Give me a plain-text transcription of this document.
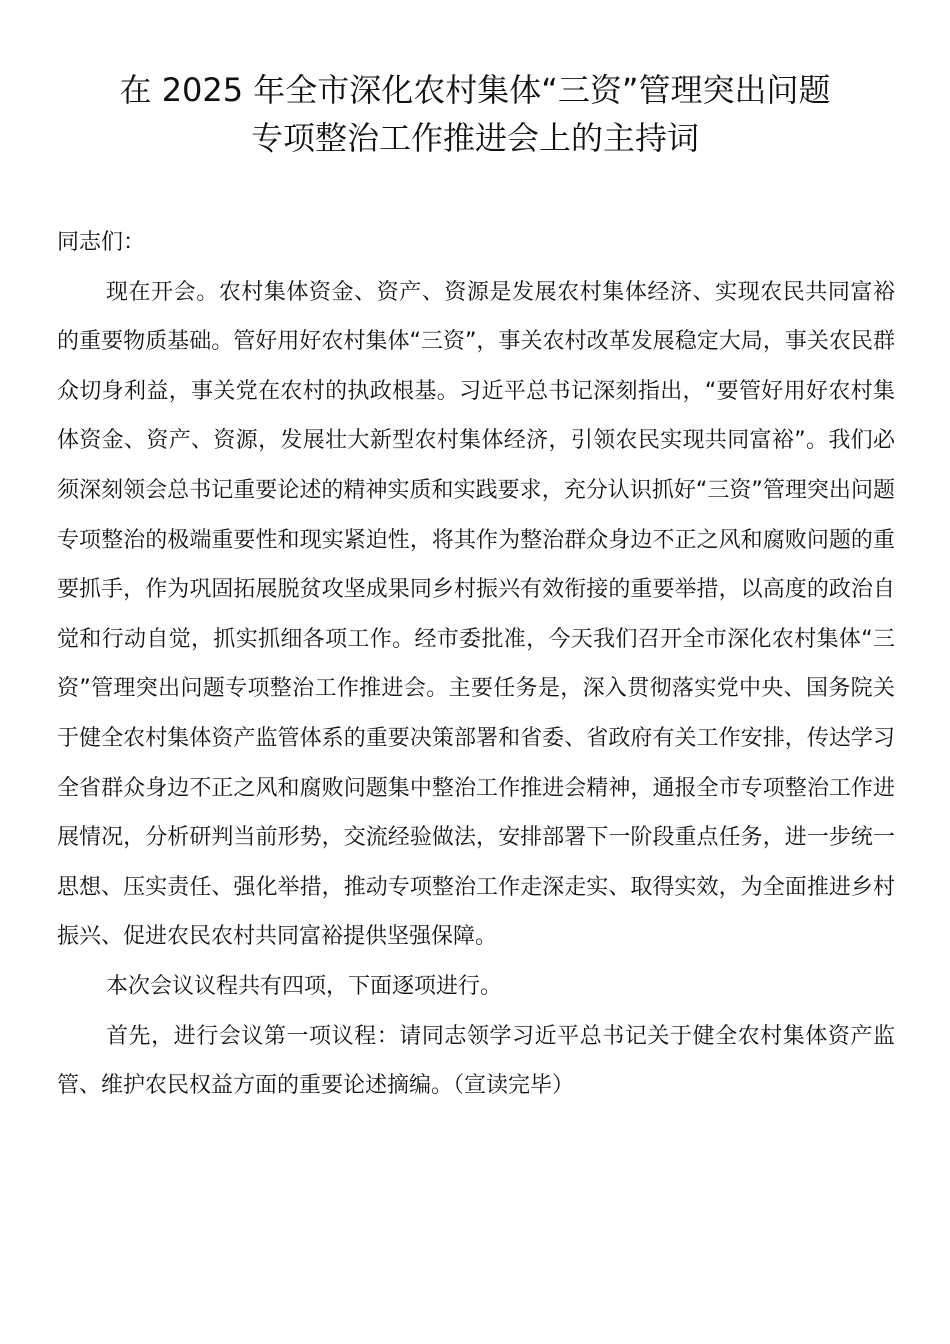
在 2025 年全市深化农村集体“三资”管理突出问题
专项整治工作推进会上的主持词

同志们：

现在开会。农村集体资金、资产、资源是发展农村集体经济、实现农民共同富裕的重要物质基础。管好用好农村集体“三资”，事关农村改革发展稳定大局，事关农民群众切身利益，事关党在农村的执政根基。习近平总书记深刻指出，“要管好用好农村集体资金、资产、资源，发展壮大新型农村集体经济，引领农民实现共同富裕”。我们必须深刻领会总书记重要论述的精神实质和实践要求，充分认识抓好“三资”管理突出问题专项整治的极端重要性和现实紧迫性，将其作为整治群众身边不正之风和腐败问题的重要抓手，作为巩固拓展脱贫攻坚成果同乡村振兴有效衔接的重要举措，以高度的政治自觉和行动自觉，抓实抓细各项工作。经市委批准，今天我们召开全市深化农村集体“三资”管理突出问题专项整治工作推进会。主要任务是，深入贯彻落实党中央、国务院关于健全农村集体资产监管体系的重要决策部署和省委、省政府有关工作安排，传达学习全省群众身边不正之风和腐败问题集中整治工作推进会精神，通报全市专项整治工作进展情况，分析研判当前形势，交流经验做法，安排部署下一阶段重点任务，进一步统一思想、压实责任、强化举措，推动专项整治工作走深走实、取得实效，为全面推进乡村振兴、促进农民农村共同富裕提供坚强保障。

本次会议议程共有四项，下面逐项进行。

首先，进行会议第一项议程：请同志领学习近平总书记关于健全农村集体资产监管、维护农民权益方面的重要论述摘编。（宣读完毕）
